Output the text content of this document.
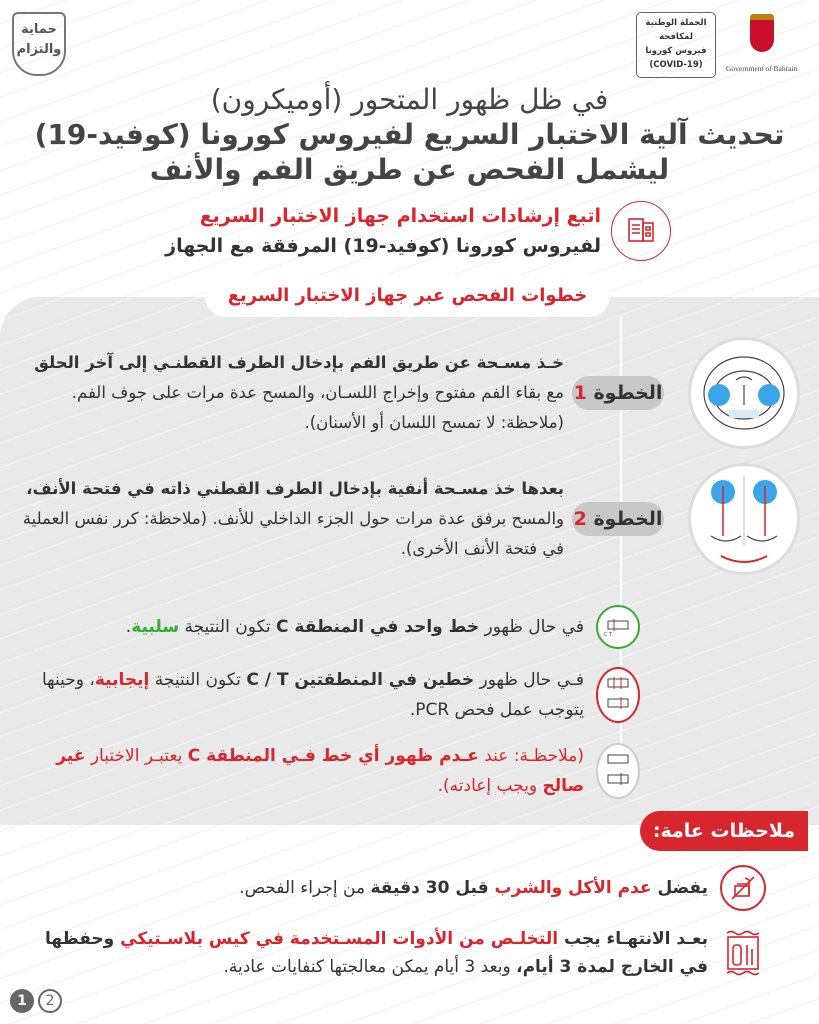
حماية والتزام
الحملة الوطنية
لمكافحة
فيروس كورونا
(COVID-19)	Government of Bahrain
في ظل ظهور المتحور (أوميكرون)
تحديث آلية الاختبار السريع لفيروس كورونا (كوفيد-19)
ليشمل الفحص عن طريق الفم والأنف
اتبع إرشادات استخدام جهاز الاختبار السريع
لفيروس كورونا (كوفيد-19) المرفقة مع الجهاز
خطوات الفحص عبر جهاز الاختبار السريع
الخطوة 1
خـذ مسـحة عن طريق الفم بإدخال الطرف القطنـي إلى آخر الحلق مع بقاء الفم مفتوح وإخراج اللسـان، والمسح عدة مرات على جوف الفم. (ملاحظة: لا تمسح اللسان أو الأسنان).
الخطوة 2
بعدها خذ مسـحة أنفية بإدخال الطرف القطني ذاته في فتحة الأنف، والمسح برفق عدة مرات حول الجزء الداخلي للأنف. (ملاحظة: كرر نفس العملية في فتحة الأنف الأخرى).
C T
في حال ظهور خط واحد في المنطقة C تكون النتيجة سلبية.
فـي حال ظهور خطين في المنطقتين C / T تكون النتيجة إيجابية، وحينها يتوجب عمل فحص PCR.
(ملاحظـة: عند عـدم ظهور أي خط فـي المنطقة C يعتبـر الاختبار غير صالح ويجب إعادته).
ملاحظات عامة:
يفضل عدم الأكل والشرب قبل 30 دقيقة من إجراء الفحص.
بعـد الانتهـاء يجب التخلـص من الأدوات المسـتخدمة في كيس بلاسـتيكي وحفظها في الخارج لمدة 3 أيام، وبعد 3 أيام يمكن معالجتها كنفايات عادية.
1	2
